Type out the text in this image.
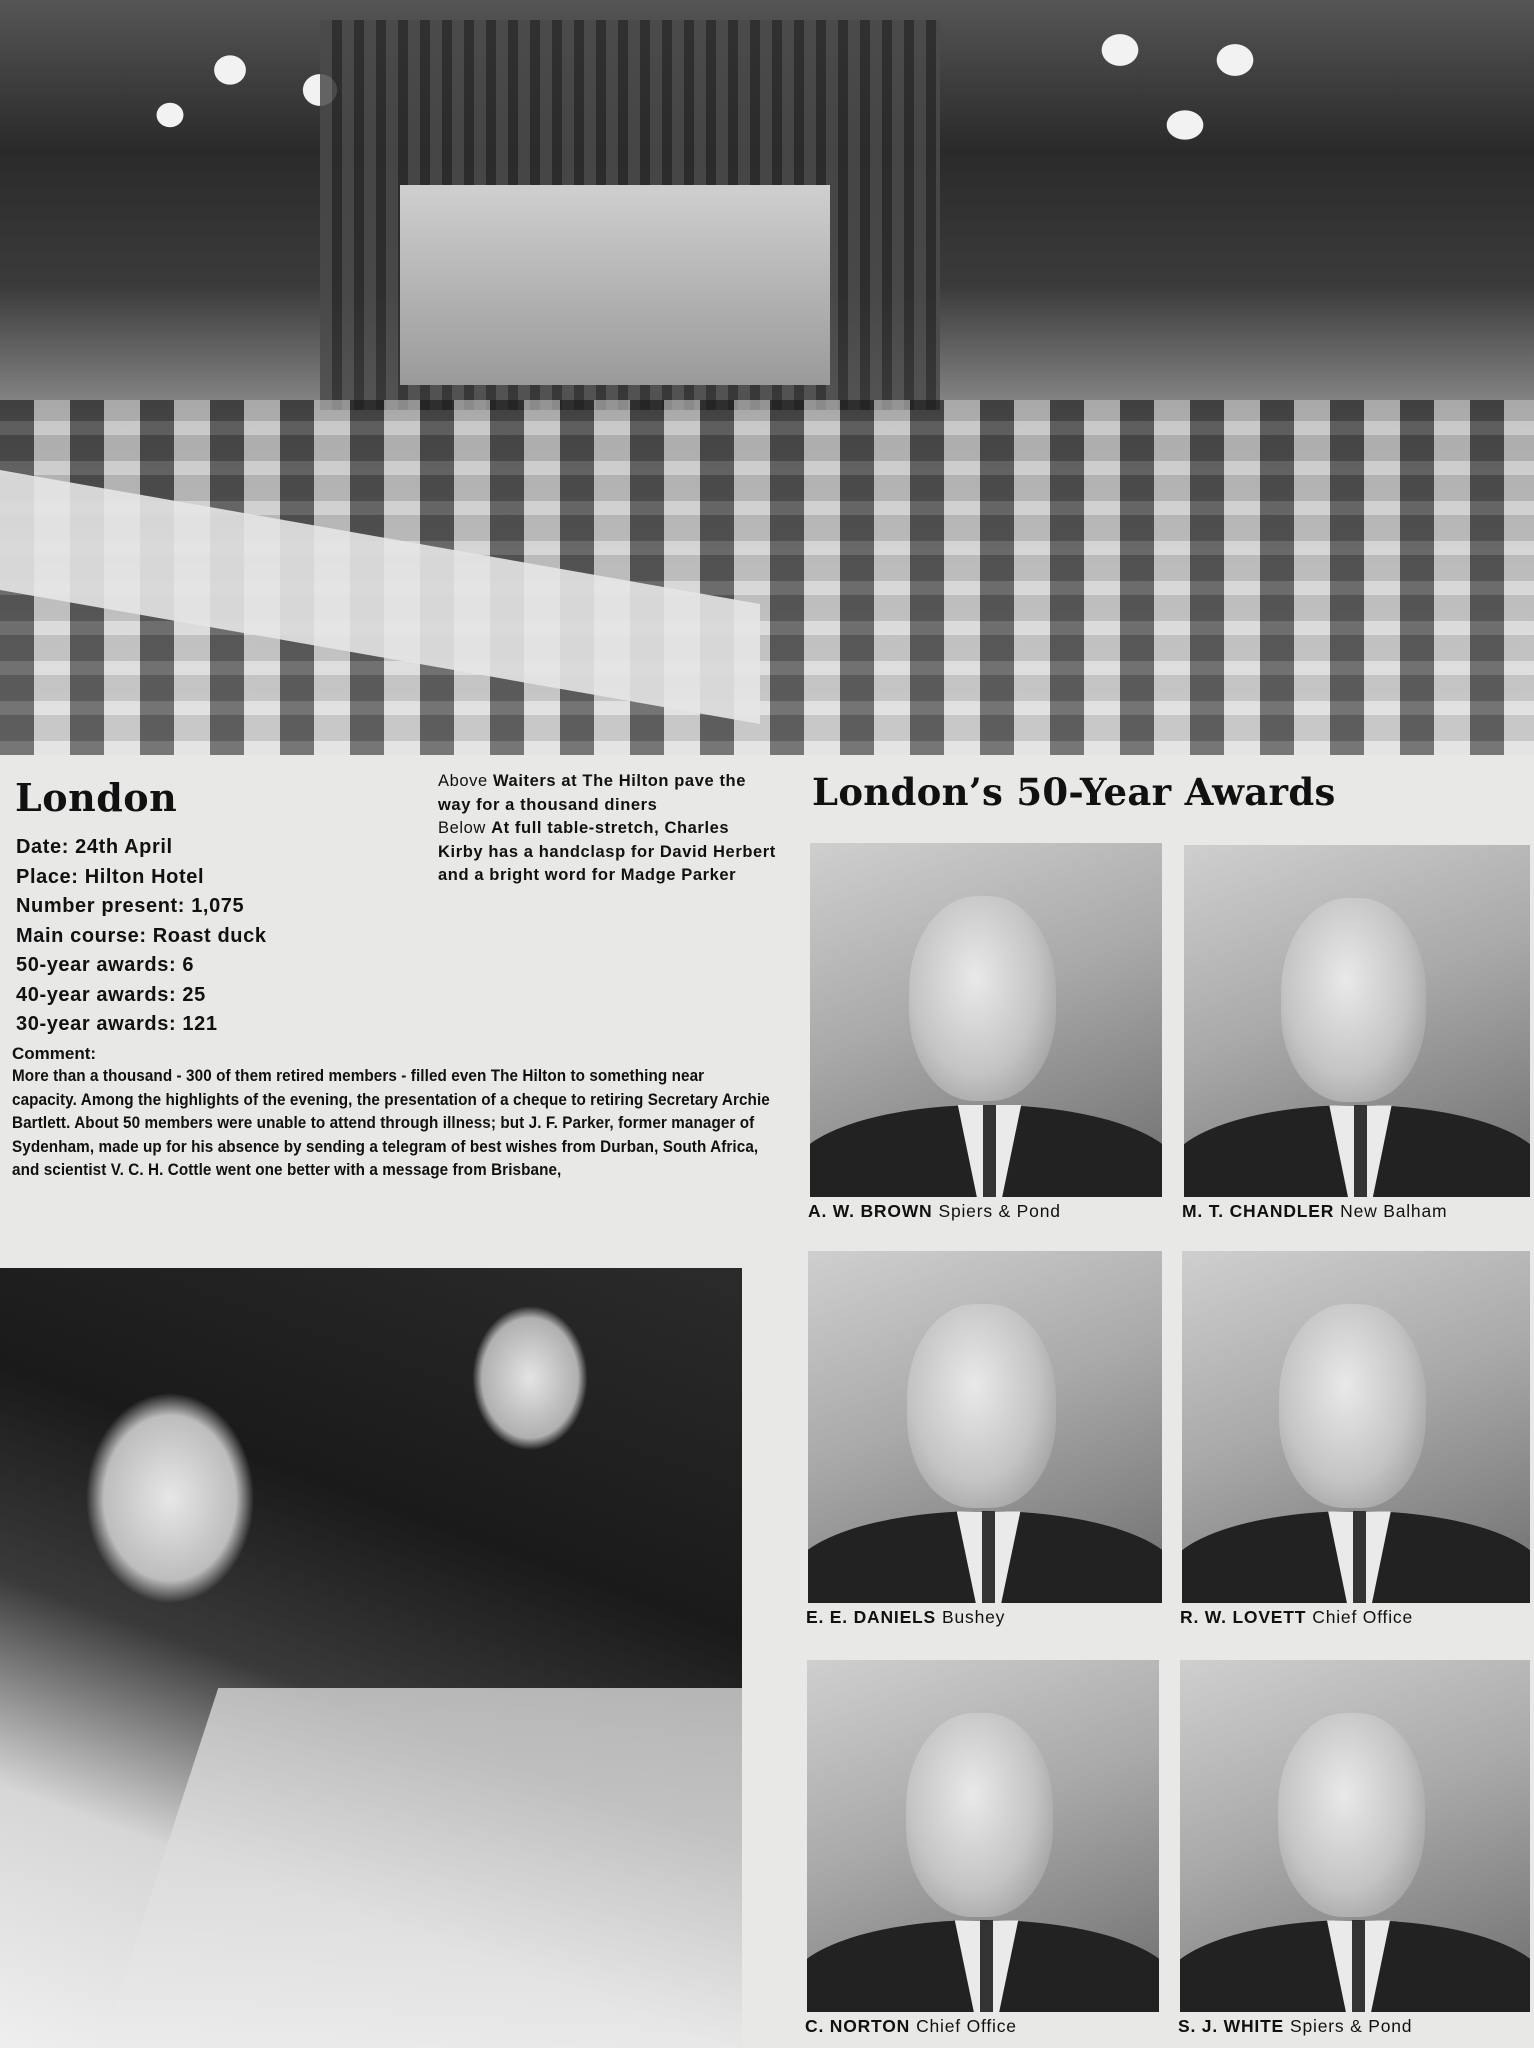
London
Date : 24th April
Place : Hilton Hotel
Number present : 1,075
Main course : Roast duck
50-year awards : 6
40-year awards : 25
30-year awards : 121
Comment :

More than a thousand - 300 of them retired members - filled even The Hilton to something near capacity. Among the highlights of the evening, the presentation of a cheque to retiring Secretary Archie Bartlett. About 50 members were unable to attend through illness; but J. F. Parker, former manager of Sydenham, made up for his absence by sending a telegram of best wishes from Durban, South Africa, and scientist V. C. H. Cottle went one better with a message from Brisbane,

Above Waiters at The Hilton pave the way for a thousand diners
Below At full table-stretch, Charles Kirby has a handclasp for David Herbert and a bright word for Madge Parker
London’s 50-Year Awards
A. W. BROWN Spiers & Pond	M. T. CHANDLER New Balham
E. E. DANIELS Bushey	R. W. LOVETT Chief Office
C. NORTON Chief Office	S. J. WHITE Spiers & Pond
